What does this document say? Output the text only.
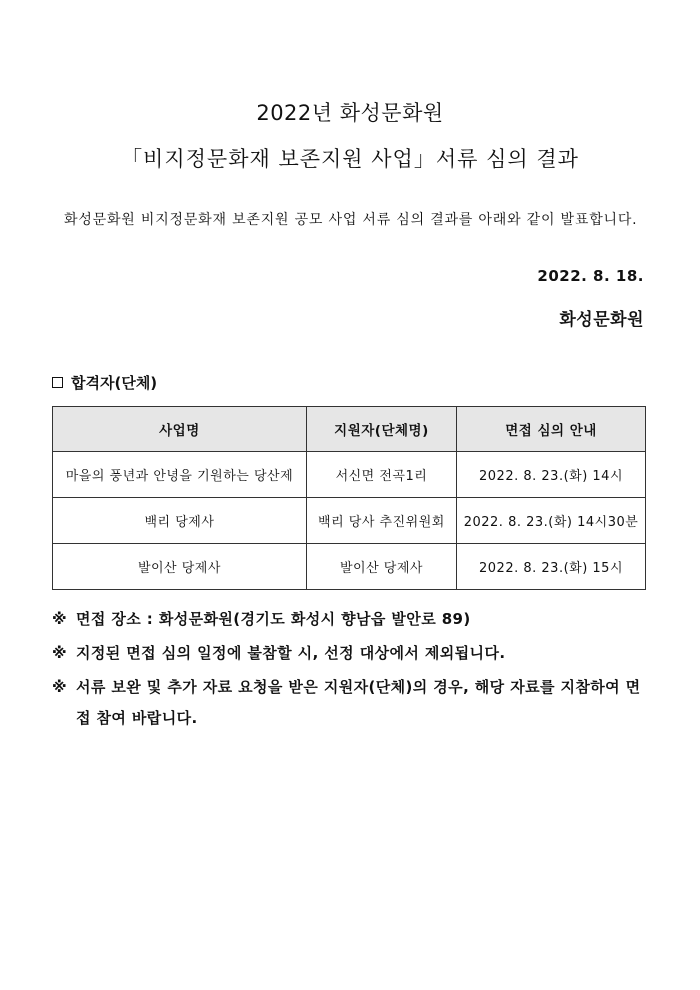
2022년 화성문화원
「비지정문화재 보존지원 사업」서류 심의 결과
화성문화원 비지정문화재 보존지원 공모 사업 서류 심의 결과를 아래와 같이 발표합니다.
2022. 8. 18.
화성문화원
합격자(단체)
사업명	지원자(단체명)	면접 심의 안내
마을의 풍년과 안녕을 기원하는 당산제	서신면 전곡1리	2022. 8. 23.(화) 14시
백리 당제사	백리 당사 추진위원회	2022. 8. 23.(화) 14시30분
발이산 당제사	발이산 당제사	2022. 8. 23.(화) 15시
※ 면접 장소 : 화성문화원(경기도 화성시 향남읍 발안로 89)
※ 지정된 면접 심의 일정에 불참할 시, 선정 대상에서 제외됩니다.
※ 서류 보완 및 추가 자료 요청을 받은 지원자(단체)의 경우, 해당 자료를 지참하여 면접 참여 바랍니다.
